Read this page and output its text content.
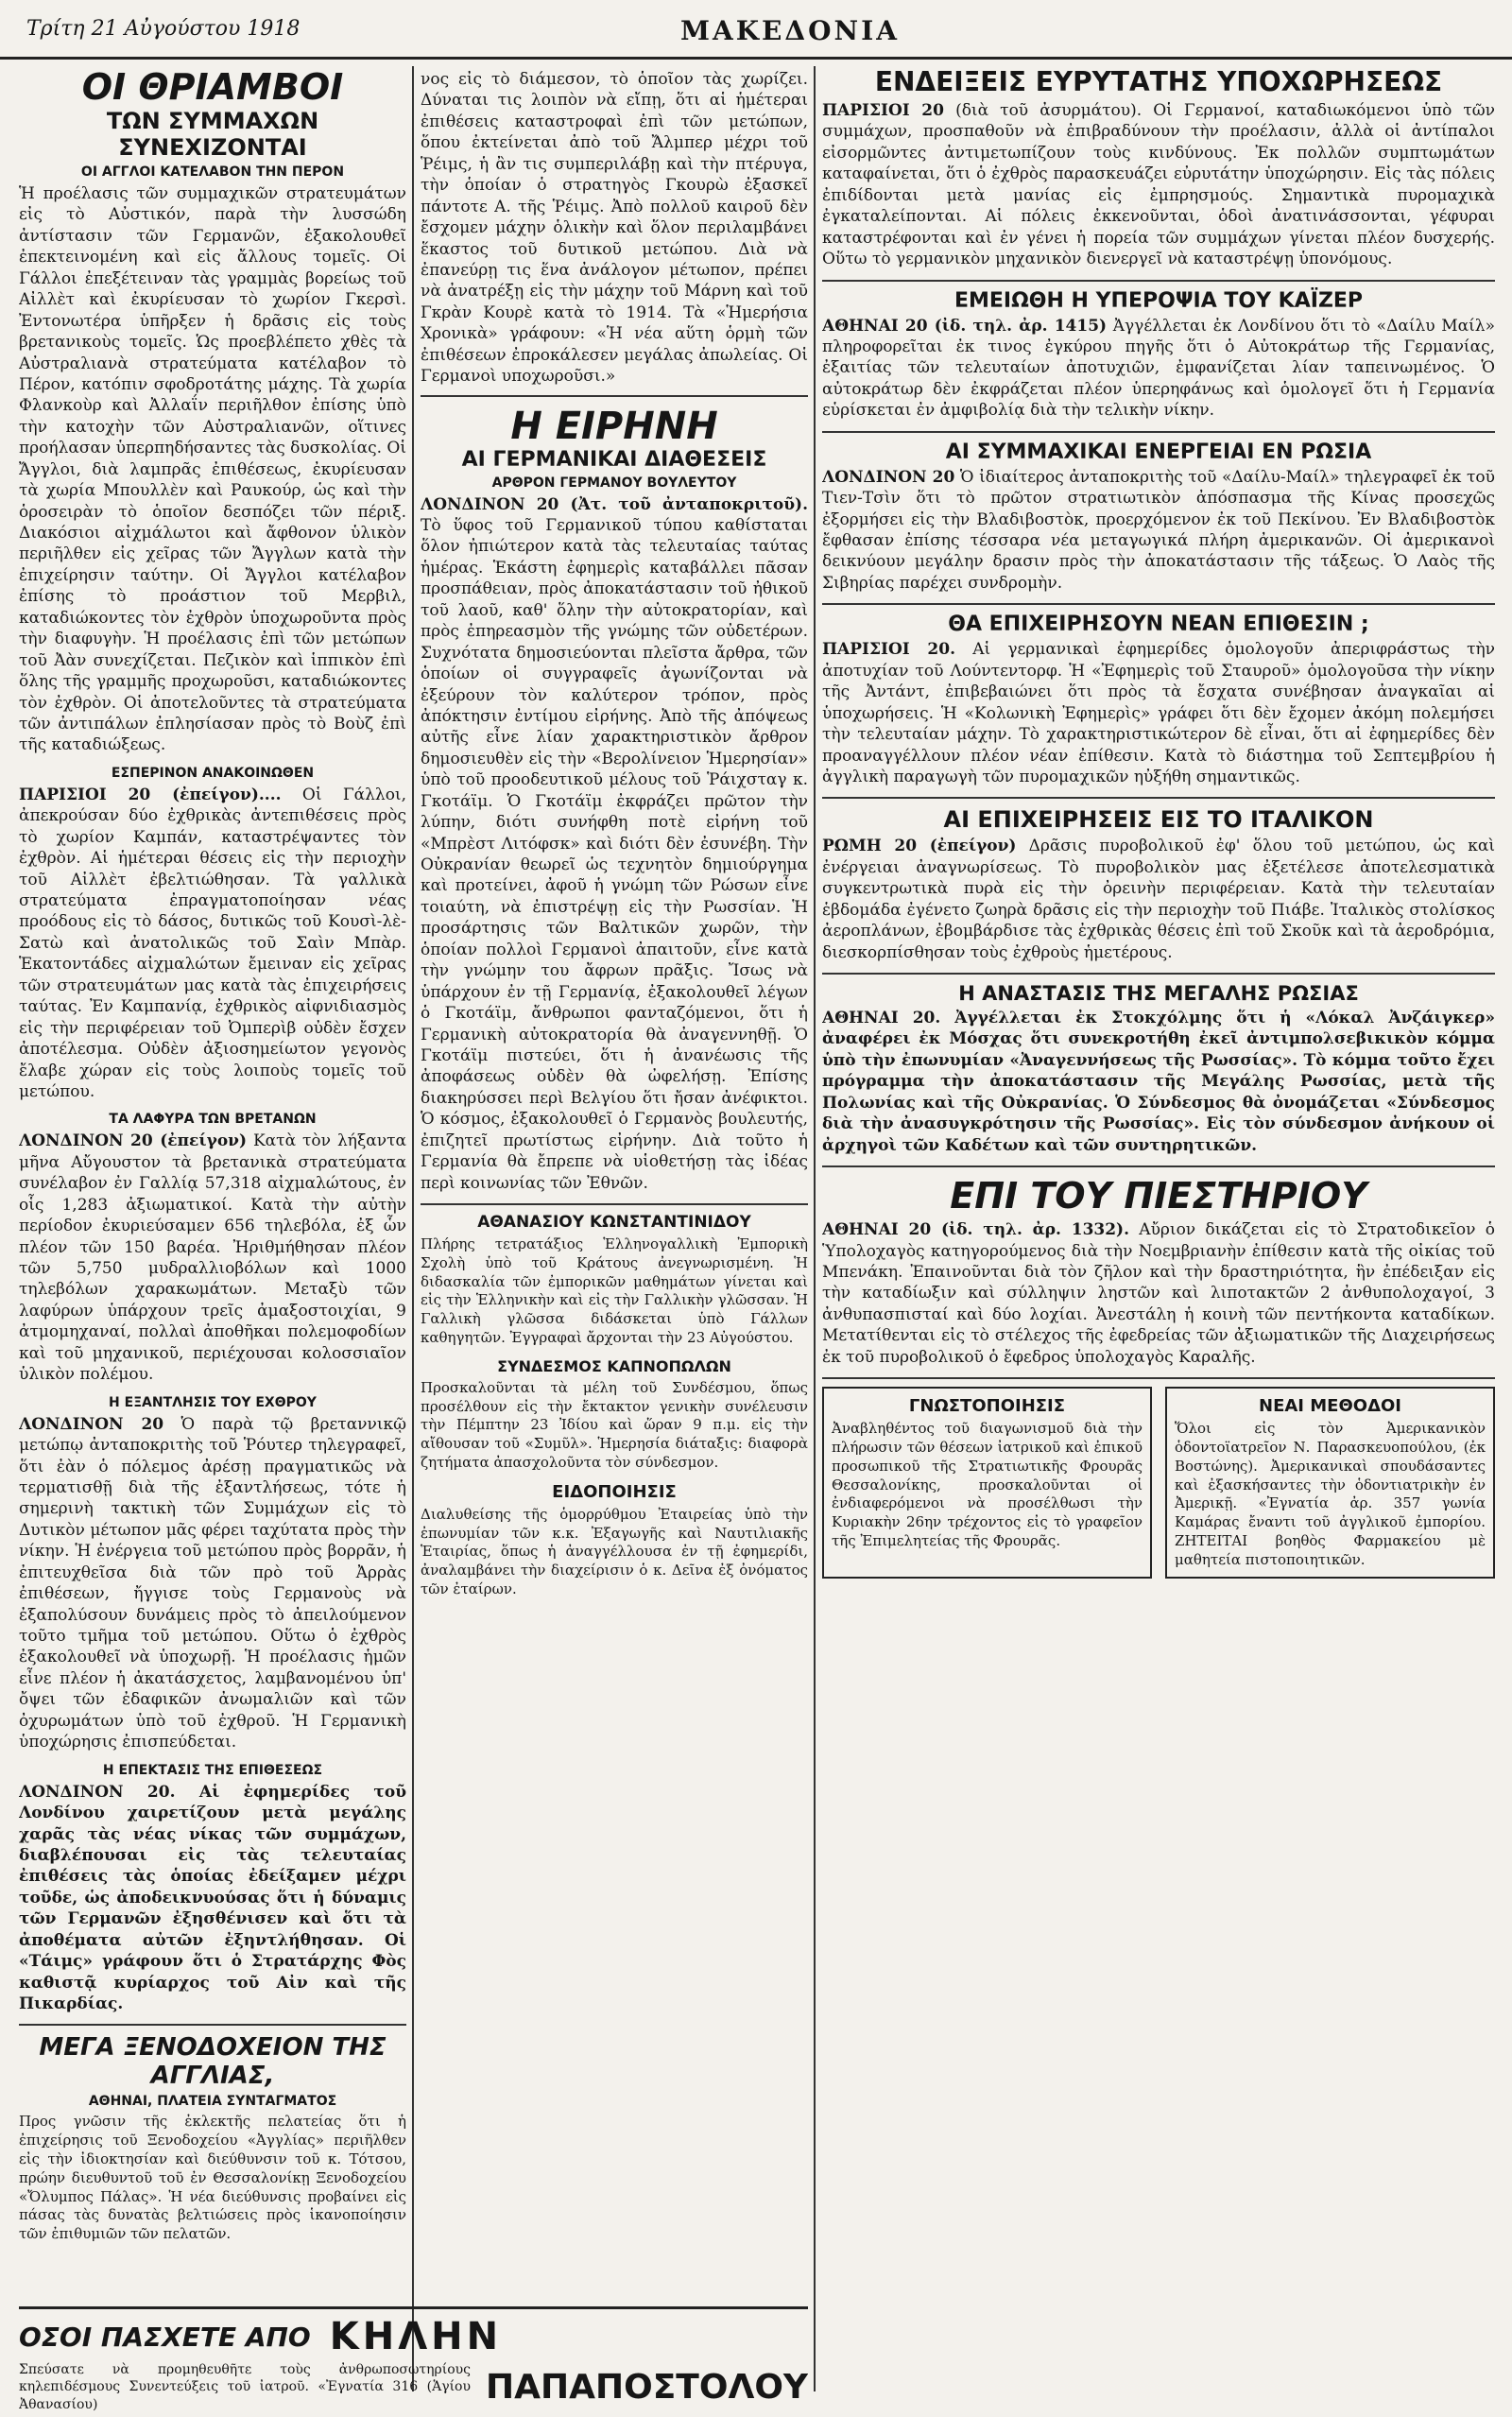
Τρίτη 21 Αὐγούστου 1918	ΜΑΚΕΔΟΝΙΑ
ΟΙ ΘΡΙΑΜΒΟΙ
ΤΩΝ ΣΥΜΜΑΧΩΝ ΣΥΝΕΧΙΖΟΝΤΑΙ
ΟΙ ΑΓΓΛΟΙ ΚΑΤΕΛΑΒΟΝ ΤΗΝ ΠΕΡΟΝ

Ἡ προέλασις τῶν συμμαχικῶν στρατευμάτων εἰς τὸ Αὐστικόν, παρὰ τὴν λυσσώδη ἀντίστασιν τῶν Γερμανῶν, ἐξακολουθεῖ ἐπεκτεινομένη καὶ εἰς ἄλλους τομεῖς. Οἱ Γάλλοι ἐπεξέτειναν τὰς γραμμὰς βορείως τοῦ Αἰλλὲτ καὶ ἐκυρίευσαν τὸ χωρίον Γκερσὶ. Ἐντονωτέρα ὑπῆρξεν ἡ δρᾶσις εἰς τοὺς βρετανικοὺς τομεῖς. Ὡς προεβλέπετο χθὲς τὰ Αὐστραλιανὰ στρατεύματα κατέλαβον τὸ Πέρον, κατόπιν σφοδροτάτης μάχης. Τὰ χωρία Φλανκοὺρ καὶ Ἀλλαΐν περιῆλθον ἐπίσης ὑπὸ τὴν κατοχὴν τῶν Αὐστραλιανῶν, οἵτινες προήλασαν ὑπερπηδήσαντες τὰς δυσκολίας. Οἱ Ἄγγλοι, διὰ λαμπρᾶς ἐπιθέσεως, ἐκυρίευσαν τὰ χωρία Μπουλλὲν καὶ Ραυκούρ, ὡς καὶ τὴν ὁροσειρὰν τὸ ὁποῖον δεσπόζει τῶν πέριξ. Διακόσιοι αἰχμάλωτοι καὶ ἄφθονον ὑλικὸν περιῆλθεν εἰς χεῖρας τῶν Ἄγγλων κατὰ τὴν ἐπιχείρησιν ταύτην. Οἱ Ἄγγλοι κατέλαβον ἐπίσης τὸ προάστιον τοῦ Μερβιλ, καταδιώκοντες τὸν ἐχθρὸν ὑποχωροῦντα πρὸς τὴν διαφυγὴν. Ἡ προέλασις ἐπὶ τῶν μετώπων τοῦ Ἀὰν συνεχίζεται. Πεζικὸν καὶ ἱππικὸν ἐπὶ ὅλης τῆς γραμμῆς προχωροῦσι, καταδιώκοντες τὸν ἐχθρὸν. Οἱ ἀποτελοῦντες τὰ στρατεύματα τῶν ἀντιπάλων ἐπλησίασαν πρὸς τὸ Βοὺζ ἐπὶ τῆς καταδιώξεως.

ΕΣΠΕΡΙΝΟΝ ΑΝΑΚΟΙΝΩΘΕΝ

ΠΑΡΙΣΙΟΙ 20 (ἐπείγον).... Οἱ Γάλλοι, ἀπεκρούσαν δύο ἐχθρικὰς ἀντεπιθέσεις πρὸς τὸ χωρίον Καμπάν, καταστρέψαντες τὸν ἐχθρὸν. Αἱ ἡμέτεραι θέσεις εἰς τὴν περιοχὴν τοῦ Αἰλλὲτ ἐβελτιώθησαν. Τὰ γαλλικὰ στρατεύματα ἐπραγματοποίησαν νέας προόδους εἰς τὸ δάσος, δυτικῶς τοῦ Κουσὶ-λὲ-Σατὼ καὶ ἀνατολικῶς τοῦ Σαὶν Μπὰρ. Ἑκατοντάδες αἰχμαλώτων ἔμειναν εἰς χεῖρας τῶν στρατευμάτων μας κατὰ τὰς ἐπιχειρήσεις ταύτας. Ἐν Καμπανίᾳ, ἐχθρικὸς αἰφνιδιασμὸς εἰς τὴν περιφέρειαν τοῦ Ὀμπερὶβ οὐδὲν ἔσχεν ἀποτέλεσμα. Οὐδὲν ἀξιοσημείωτον γεγονὸς ἔλαβε χώραν εἰς τοὺς λοιποὺς τομεῖς τοῦ μετώπου.

ΤΑ ΛΑΦΥΡΑ ΤΩΝ ΒΡΕΤΑΝΩΝ

ΛΟΝΔΙΝΟΝ 20 (ἐπείγον) Κατὰ τὸν λήξαντα μῆνα Αὔγουστον τὰ βρετανικὰ στρατεύματα συνέλαβον ἐν Γαλλίᾳ 57,318 αἰχμαλώτους, ἐν οἷς 1,283 ἀξιωματικοί. Κατὰ τὴν αὐτὴν περίοδον ἐκυριεύσαμεν 656 τηλεβόλα, ἐξ ὧν πλέον τῶν 150 βαρέα. Ἠριθμήθησαν πλέον τῶν 5,750 μυδραλλιοβόλων καὶ 1000 τηλεβόλων χαρακωμάτων. Μεταξὺ τῶν λαφύρων ὑπάρχουν τρεῖς ἀμαξοστοιχίαι, 9 ἀτμομηχαναί, πολλαὶ ἀποθῆκαι πολεμοφοδίων καὶ τοῦ μηχανικοῦ, περιέχουσαι κολοσσιαῖον ὑλικὸν πολέμου.

Η ΕΞΑΝΤΛΗΣΙΣ ΤΟΥ ΕΧΘΡΟΥ

ΛΟΝΔΙΝΟΝ 20 Ὁ παρὰ τῷ βρεταννικῷ μετώπῳ ἀνταποκριτὴς τοῦ Ῥόυτερ τηλεγραφεῖ, ὅτι ἐὰν ὁ πόλεμος ἀρέσῃ πραγματικῶς νὰ τερματισθῇ διὰ τῆς ἐξαντλήσεως, τότε ἡ σημερινὴ τακτικὴ τῶν Συμμάχων εἰς τὸ Δυτικὸν μέτωπον μᾶς φέρει ταχύτατα πρὸς τὴν νίκην. Ἡ ἐνέργεια τοῦ μετώπου πρὸς βορρᾶν, ἡ ἐπιτευχθεῖσα διὰ τῶν πρὸ τοῦ Ἀρρὰς ἐπιθέσεων, ἤγγισε τοὺς Γερμανοὺς νὰ ἐξαπολύσουν δυνάμεις πρὸς τὸ ἀπειλούμενον τοῦτο τμῆμα τοῦ μετώπου. Οὕτω ὁ ἐχθρὸς ἐξακολουθεῖ νὰ ὑποχωρῇ. Ἡ προέλασις ἡμῶν εἶνε πλέον ἡ ἀκατάσχετος, λαμβανομένου ὑπ' ὄψει τῶν ἐδαφικῶν ἀνωμαλιῶν καὶ τῶν ὀχυρωμάτων ὑπὸ τοῦ ἐχθροῦ. Ἡ Γερμανικὴ ὑποχώρησις ἐπισπεύδεται.

Η ΕΠΕΚΤΑΣΙΣ ΤΗΣ ΕΠΙΘΕΣΕΩΣ

ΛΟΝΔΙΝΟΝ 20. Αἱ ἐφημερίδες τοῦ Λονδίνου χαιρετίζουν μετὰ μεγάλης χαρᾶς τὰς νέας νίκας τῶν συμμάχων, διαβλέπουσαι εἰς τὰς τελευταίας ἐπιθέσεις τὰς ὁποίας ἐδείξαμεν μέχρι τοῦδε, ὡς ἀποδεικνυούσας ὅτι ἡ δύναμις τῶν Γερμανῶν ἐξησθένισεν καὶ ὅτι τὰ ἀποθέματα αὐτῶν ἐξηντλήθησαν. Οἱ «Τάιμς» γράφουν ὅτι ὁ Στρατάρχης Φὸς καθιστᾷ κυρίαρχος τοῦ Αἰν καὶ τῆς Πικαρδίας.

ΜΕΓΑ ΞΕΝΟΔΟΧΕΙΟΝ ΤΗΣ ΑΓΓΛΙΑΣ,
ΑΘΗΝΑΙ, ΠΛΑΤΕΙΑ ΣΥΝΤΑΓΜΑΤΟΣ

Προς γνῶσιν τῆς ἐκλεκτῆς πελατείας ὅτι ἡ ἐπιχείρησις τοῦ Ξενοδοχείου «Ἀγγλίας» περιῆλθεν εἰς τὴν ἰδιοκτησίαν καὶ διεύθυνσιν τοῦ κ. Τότσου, πρώην διευθυντοῦ τοῦ ἐν Θεσσαλονίκῃ Ξενοδοχείου «Ὄλυμπος Πάλας». Ἡ νέα διεύθυνσις προβαίνει εἰς πάσας τὰς δυνατὰς βελτιώσεις πρὸς ἱκανοποίησιν τῶν ἐπιθυμιῶν τῶν πελατῶν.

ΟΣΟΙ ΠΑΣΧΕΤΕ ΑΠΟ ΚΗΛΗΝ

Σπεύσατε νὰ προμηθευθῆτε τοὺς ἀνθρωποσωτηρίους κηλεπιδέσμους Συνεντεύξεις τοῦ ἰατροῦ. «Ἐγνατία 316 (Ἁγίου Ἀθανασίου)	ΠΑΠΑΠΟΣΤΟΛΟΥ

νος εἰς τὸ διάμεσον, τὸ ὁποῖον τὰς χωρίζει. Δύναται τις λοιπὸν νὰ εἴπῃ, ὅτι αἱ ἡμέτεραι ἐπιθέσεις καταστροφαὶ ἐπὶ τῶν μετώπων, ὅπου ἐκτείνεται ἀπὸ τοῦ Ἄλμπερ μέχρι τοῦ Ῥέιμς, ἡ ἂν τις συμπεριλάβῃ καὶ τὴν πτέρυγα, τὴν ὁποίαν ὁ στρατηγὸς Γκουρὼ ἐξασκεῖ πάντοτε Α. τῆς Ῥέιμς. Ἀπὸ πολλοῦ καιροῦ δὲν ἔσχομεν μάχην ὁλικὴν καὶ ὅλον περιλαμβάνει ἕκαστος τοῦ δυτικοῦ μετώπου. Διὰ νὰ ἐπανεύρῃ τις ἕνα ἀνάλογον μέτωπον, πρέπει νὰ ἀνατρέξῃ εἰς τὴν μάχην τοῦ Μάρνη καὶ τοῦ Γκρὰν Κουρὲ κατὰ τὸ 1914. Τὰ «Ἡμερήσια Χρονικὰ» γράφουν: «Ἡ νέα αὕτη ὁρμὴ τῶν ἐπιθέσεων ἐπροκάλεσεν μεγάλας ἀπωλείας. Οἱ Γερμανοὶ υποχωροῦσι.»

Η ΕΙΡΗΝΗ
ΑΙ ΓΕΡΜΑΝΙΚΑΙ ΔΙΑΘΕΣΕΙΣ
ΑΡΘΡΟΝ ΓΕΡΜΑΝΟΥ ΒΟΥΛΕΥΤΟΥ

ΛΟΝΔΙΝΟΝ 20 (Ἀτ. τοῦ ἀνταποκριτοῦ). Τὸ ὕφος τοῦ Γερμανικοῦ τύπου καθίσταται ὅλον ἠπιώτερον κατὰ τὰς τελευταίας ταύτας ἡμέρας. Ἑκάστη ἐφημερὶς καταβάλλει πᾶσαν προσπάθειαν, πρὸς ἀποκατάστασιν τοῦ ἠθικοῦ τοῦ λαοῦ, καθ' ὅλην τὴν αὐτοκρατορίαν, καὶ πρὸς ἐπηρεασμὸν τῆς γνώμης τῶν οὐδετέρων. Συχνότατα δημοσιεύονται πλεῖστα ἄρθρα, τῶν ὁποίων οἱ συγγραφεῖς ἀγωνίζονται νὰ ἐξεύρουν τὸν καλύτερον τρόπον, πρὸς ἀπόκτησιν ἐντίμου εἰρήνης. Ἀπὸ τῆς ἀπόψεως αὐτῆς εἶνε λίαν χαρακτηριστικὸν ἄρθρον δημοσιευθὲν εἰς τὴν «Βερολίνειον Ἡμερησίαν» ὑπὸ τοῦ προοδευτικοῦ μέλους τοῦ Ῥάιχσταγ κ. Γκοτάϊμ. Ὁ Γκοτάϊμ ἐκφράζει πρῶτον τὴν λύπην, διότι συνήφθη ποτὲ εἰρήνη τοῦ «Μπρὲστ Λιτόφσκ» καὶ διότι δὲν ἐσυνέβη. Τὴν Οὐκρανίαν θεωρεῖ ὡς τεχνητὸν δημιούργημα καὶ προτείνει, ἀφοῦ ἡ γνώμη τῶν Ρώσων εἶνε τοιαύτη, νὰ ἐπιστρέψῃ εἰς τὴν Ρωσσίαν. Ἡ προσάρτησις τῶν Βαλτικῶν χωρῶν, τὴν ὁποίαν πολλοὶ Γερμανοὶ ἀπαιτοῦν, εἶνε κατὰ τὴν γνώμην του ἄφρων πρᾶξις. Ἴσως νὰ ὑπάρχουν ἐν τῇ Γερμανίᾳ, ἐξακολουθεῖ λέγων ὁ Γκοτάϊμ, ἄνθρωποι φανταζόμενοι, ὅτι ἡ Γερμανικὴ αὐτοκρατορία θὰ ἀναγεννηθῇ. Ὁ Γκοτάϊμ πιστεύει, ὅτι ἡ ἀνανέωσις τῆς ἀποφάσεως οὐδὲν θὰ ὠφελήσῃ. Ἐπίσης διακηρύσσει περὶ Βελγίου ὅτι ἤσαν ἀνέφικτοι. Ὁ κόσμος, ἐξακολουθεῖ ὁ Γερμανὸς βουλευτής, ἐπιζητεῖ πρωτίστως εἰρήνην. Διὰ τοῦτο ἡ Γερμανία θὰ ἔπρεπε νὰ υἱοθετήσῃ τὰς ἰδέας περὶ κοινωνίας τῶν Ἐθνῶν.

ΑΘΑΝΑΣΙΟΥ ΚΩΝΣΤΑΝΤΙΝΙΔΟΥ

Πλήρης τετρατάξιος Ἑλληνογαλλικὴ Ἐμπορικὴ Σχολὴ ὑπὸ τοῦ Κράτους ἀνεγνωρισμένη. Ἡ διδασκαλία τῶν ἐμπορικῶν μαθημάτων γίνεται καὶ εἰς τὴν Ἑλληνικὴν καὶ εἰς τὴν Γαλλικὴν γλῶσσαν. Ἡ Γαλλικὴ γλῶσσα διδάσκεται ὑπὸ Γάλλων καθηγητῶν. Ἐγγραφαὶ ἄρχονται τὴν 23 Αὐγούστου.

ΣΥΝΔΕΣΜΟΣ ΚΑΠΝΟΠΩΛΩΝ

Προσκαλοῦνται τὰ μέλη τοῦ Συνδέσμου, ὅπως προσέλθουν εἰς τὴν ἔκτακτον γενικὴν συνέλευσιν τὴν Πέμπτην 23 Ἰδίου καὶ ὥραν 9 π.μ. εἰς τὴν αἴθουσαν τοῦ «Συμῦλ». Ἡμερησία διάταξις: διαφορὰ ζητήματα ἀπασχολοῦντα τὸν σύνδεσμον.

ΕΙΔΟΠΟΙΗΣΙΣ

Διαλυθείσης τῆς ὁμορρύθμου Ἐταιρείας ὑπὸ τὴν ἐπωνυμίαν τῶν κ.κ. Ἐξαγωγῆς καὶ Ναυτιλιακῆς Ἑταιρίας, ὅπως ἡ ἀναγγέλλουσα ἐν τῇ ἐφημερίδι, ἀναλαμβάνει τὴν διαχείρισιν ὁ κ. Δεῖνα ἐξ ὀνόματος τῶν ἐταίρων.

ΕΝΔΕΙΞΕΙΣ ΕΥΡΥΤΑΤΗΣ ΥΠΟΧΩΡΗΣΕΩΣ

ΠΑΡΙΣΙΟΙ 20 (διὰ τοῦ ἀσυρμάτου). Οἱ Γερμανοί, καταδιωκόμενοι ὑπὸ τῶν συμμάχων, προσπαθοῦν νὰ ἐπιβραδύνουν τὴν προέλασιν, ἀλλὰ οἱ ἀντίπαλοι εἰσορμῶντες ἀντιμετωπίζουν τοὺς κινδύνους. Ἐκ πολλῶν συμπτωμάτων καταφαίνεται, ὅτι ὁ ἐχθρὸς παρασκευάζει εὐρυτάτην ὑποχώρησιν. Εἰς τὰς πόλεις ἐπιδίδονται μετὰ μανίας εἰς ἐμπρησμούς. Σημαντικὰ πυρομαχικὰ ἐγκαταλείπονται. Αἱ πόλεις ἐκκενοῦνται, ὁδοὶ ἀνατινάσσονται, γέφυραι καταστρέφονται καὶ ἐν γένει ἡ πορεία τῶν συμμάχων γίνεται πλέον δυσχερής. Οὕτω τὸ γερμανικὸν μηχανικὸν διενεργεῖ νὰ καταστρέψῃ ὑπονόμους.

ΕΜΕΙΩΘΗ Η ΥΠΕΡΟΨΙΑ ΤΟΥ ΚΑΪΖΕΡ

ΑΘΗΝΑΙ 20 (ἰδ. τηλ. ἀρ. 1415) Ἀγγέλλεται ἐκ Λονδίνου ὅτι τὸ «Δαίλυ Μαίλ» πληροφορεῖται ἐκ τινος ἐγκύρου πηγῆς ὅτι ὁ Αὐτοκράτωρ τῆς Γερμανίας, ἐξαιτίας τῶν τελευταίων ἀποτυχιῶν, ἐμφανίζεται λίαν ταπεινωμένος. Ὁ αὐτοκράτωρ δὲν ἐκφράζεται πλέον ὑπερηφάνως καὶ ὁμολογεῖ ὅτι ἡ Γερμανία εὑρίσκεται ἐν ἀμφιβολίᾳ διὰ τὴν τελικὴν νίκην.

ΑΙ ΣΥΜΜΑΧΙΚΑΙ ΕΝΕΡΓΕΙΑΙ ΕΝ ΡΩΣΙΑ

ΛΟΝΔΙΝΟΝ 20 Ὁ ἰδιαίτερος ἀνταποκριτὴς τοῦ «Δαίλυ-Μαίλ» τηλεγραφεῖ ἐκ τοῦ Τιεν-Τσὶν ὅτι τὸ πρῶτον στρατιωτικὸν ἀπόσπασμα τῆς Κίνας προσεχῶς ἐξορμήσει εἰς τὴν Βλαδιβοστὸκ, προερχόμενον ἐκ τοῦ Πεκίνου. Ἐν Βλαδιβοστὸκ ἔφθασαν ἐπίσης τέσσαρα νέα μεταγωγικά πλήρη ἀμερικανῶν. Οἱ ἀμερικανοὶ δεικνύουν μεγάλην δρασιν πρὸς τὴν ἀποκατάστασιν τῆς τάξεως. Ὁ Λαὸς τῆς Σιβηρίας παρέχει συνδρομὴν.

ΘΑ ΕΠΙΧΕΙΡΗΣΟΥΝ ΝΕΑΝ ΕΠΙΘΕΣΙΝ ;

ΠΑΡΙΣΙΟΙ 20. Αἱ γερμανικαὶ ἐφημερίδες ὁμολογοῦν ἀπεριφράστως τὴν ἀποτυχίαν τοῦ Λούντεντορφ. Ἡ «Ἐφημερὶς τοῦ Σταυροῦ» ὁμολογοῦσα τὴν νίκην τῆς Ἀντάντ, ἐπιβεβαιώνει ὅτι πρὸς τὰ ἔσχατα συνέβησαν ἀναγκαῖαι αἱ ὑποχωρήσεις. Ἡ «Κολωνικὴ Ἐφημερὶς» γράφει ὅτι δὲν ἔχομεν ἀκόμη πολεμήσει τὴν τελευταίαν μάχην. Τὸ χαρακτηριστικώτερον δὲ εἶναι, ὅτι αἱ ἐφημερίδες δὲν προαναγγέλλουν πλέον νέαν ἐπίθεσιν. Κατὰ τὸ διάστημα τοῦ Σεπτεμβρίου ἡ ἀγγλικὴ παραγωγὴ τῶν πυρομαχικῶν ηὐξήθη σημαντικῶς.

ΑΙ ΕΠΙΧΕΙΡΗΣΕΙΣ ΕΙΣ ΤΟ ΙΤΑΛΙΚΟΝ

ΡΩΜΗ 20 (ἐπείγον) Δρᾶσις πυροβολικοῦ ἐφ' ὅλου τοῦ μετώπου, ὡς καὶ ἐνέργειαι ἀναγνωρίσεως. Τὸ πυροβολικὸν μας ἐξετέλεσε ἀποτελεσματικὰ συγκεντρωτικὰ πυρὰ εἰς τὴν ὀρεινὴν περιφέρειαν. Κατὰ τὴν τελευταίαν ἑβδομάδα ἐγένετο ζωηρὰ δρᾶσις εἰς τὴν περιοχὴν τοῦ Πιάβε. Ἰταλικὸς στολίσκος ἀεροπλάνων, ἐβομβάρδισε τὰς ἐχθρικὰς θέσεις ἐπὶ τοῦ Σκοῦκ καὶ τὰ ἀεροδρόμια, διεσκορπίσθησαν τοὺς ἐχθροὺς ἡμετέρους.

Η ΑΝΑΣΤΑΣΙΣ ΤΗΣ ΜΕΓΑΛΗΣ ΡΩΣΙΑΣ

ΑΘΗΝΑΙ 20. Ἀγγέλλεται ἐκ Στοκχόλμης ὅτι ἡ «Λόκαλ Ἀνζάιγκερ» ἀναφέρει ἐκ Μόσχας ὅτι συνεκροτήθη ἐκεῖ ἀντιμπολσεβικικὸν κόμμα ὑπὸ τὴν ἐπωνυμίαν «Ἀναγεννήσεως τῆς Ρωσσίας». Τὸ κόμμα τοῦτο ἔχει πρόγραμμα τὴν ἀποκατάστασιν τῆς Μεγάλης Ρωσσίας, μετὰ τῆς Πολωνίας καὶ τῆς Οὐκρανίας. Ὁ Σύνδεσμος θὰ ὀνομάζεται «Σύνδεσμος διὰ τὴν ἀνασυγκρότησιν τῆς Ρωσσίας». Εἰς τὸν σύνδεσμον ἀνήκουν οἱ ἀρχηγοὶ τῶν Καδέτων καὶ τῶν συντηρητικῶν.

ΕΠΙ ΤΟΥ ΠΙΕΣΤΗΡΙΟΥ

ΑΘΗΝΑΙ 20 (ἰδ. τηλ. ἀρ. 1332). Αὔριον δικάζεται εἰς τὸ Στρατοδικεῖον ὁ Ὑπολοχαγὸς κατηγορούμενος διὰ τὴν Νοεμβριανὴν ἐπίθεσιν κατὰ τῆς οἰκίας τοῦ Μπενάκη. Ἐπαινοῦνται διὰ τὸν ζῆλον καὶ τὴν δραστηριότητα, ἣν ἐπέδειξαν εἰς τὴν καταδίωξιν καὶ σύλληψιν ληστῶν καὶ λιποτακτῶν 2 ἀνθυπολοχαγοί, 3 ἀνθυπασπισταί καὶ δύο λοχίαι. Ἀνεστάλη ἡ κοινὴ τῶν πεντήκοντα καταδίκων. Μετατίθενται εἰς τὸ στέλεχος τῆς ἐφεδρείας τῶν ἀξιωματικῶν τῆς Διαχειρήσεως ἐκ τοῦ πυροβολικοῦ ὁ ἔφεδρος ὑπολοχαγὸς Καραλῆς.

ΓΝΩΣΤΟΠΟΙΗΣΙΣ

Ἀναβληθέντος τοῦ διαγωνισμοῦ διὰ τὴν πλήρωσιν τῶν θέσεων ἰατρικοῦ καὶ ἐπικοῦ προσωπικοῦ τῆς Στρατιωτικῆς Φρουρᾶς Θεσσαλονίκης, προσκαλοῦνται οἱ ἐνδιαφερόμενοι νὰ προσέλθωσι τὴν Κυριακὴν 26ην τρέχοντος εἰς τὸ γραφεῖον τῆς Ἐπιμελητείας τῆς Φρουρᾶς.

ΝΕΑΙ ΜΕΘΟΔΟΙ

Ὅλοι εἰς τὸν Ἀμερικανικὸν ὁδοντοϊατρεῖον Ν. Παρασκευοπούλου, (ἐκ Βοστώνης). Ἀμερικανικαὶ σπουδάσαντες καὶ ἐξασκήσαντες τὴν ὁδοντιατρικὴν ἐν Ἀμερικῇ. «Ἐγνατία ἀρ. 357 γωνία Καμάρας ἔναντι τοῦ ἀγγλικοῦ ἐμπορίου. ΖΗΤΕΙΤΑΙ βοηθὸς Φαρμακείου μὲ μαθητεία πιστοποιητικῶν.
